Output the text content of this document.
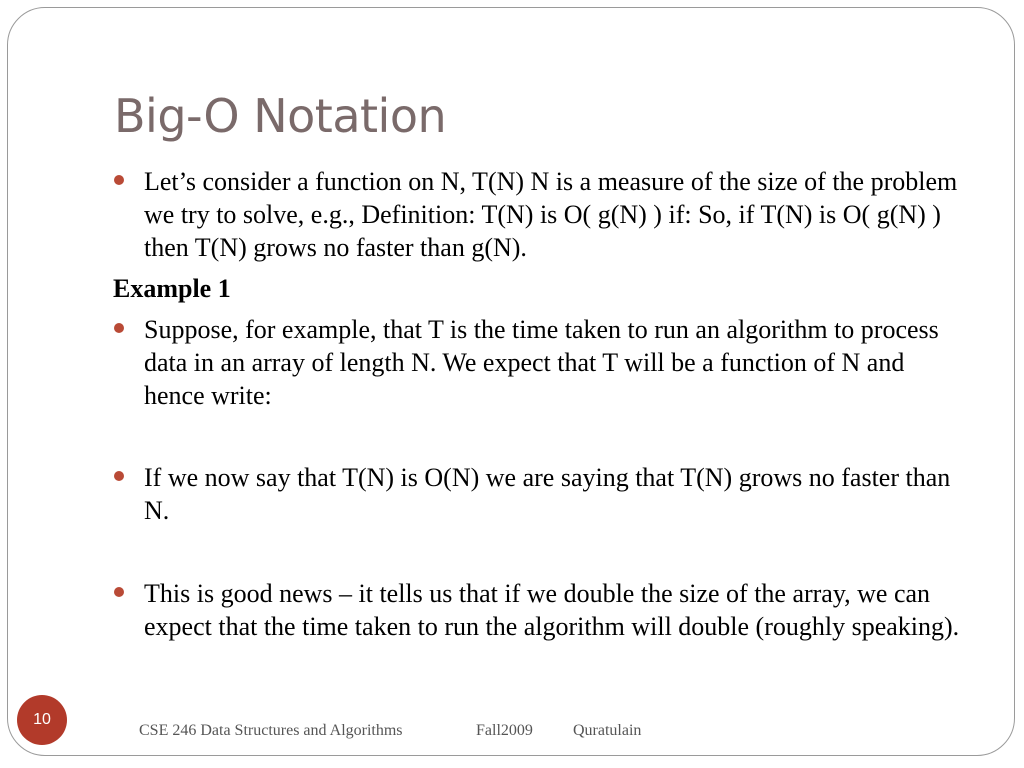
Big-O Notation

Let’s consider a function on N, T(N) N is a measure of the size of the problem we try to solve, e.g., Definition: T(N) is O( g(N) ) if: So, if T(N) is O( g(N) ) then T(N) grows no faster than g(N).

Example 1

Suppose, for example, that T is the time taken to run an algorithm to process data in an array of length N. We expect that T will be a function of N and hence write:

If we now say that T(N) is O(N) we are saying that T(N) grows no faster than N.

This is good news – it tells us that if we double the size of the array, we can expect that the time taken to run the algorithm will double (roughly speaking).

10
CSE 246 Data Structures and Algorithms	Fall2009	Quratulain
